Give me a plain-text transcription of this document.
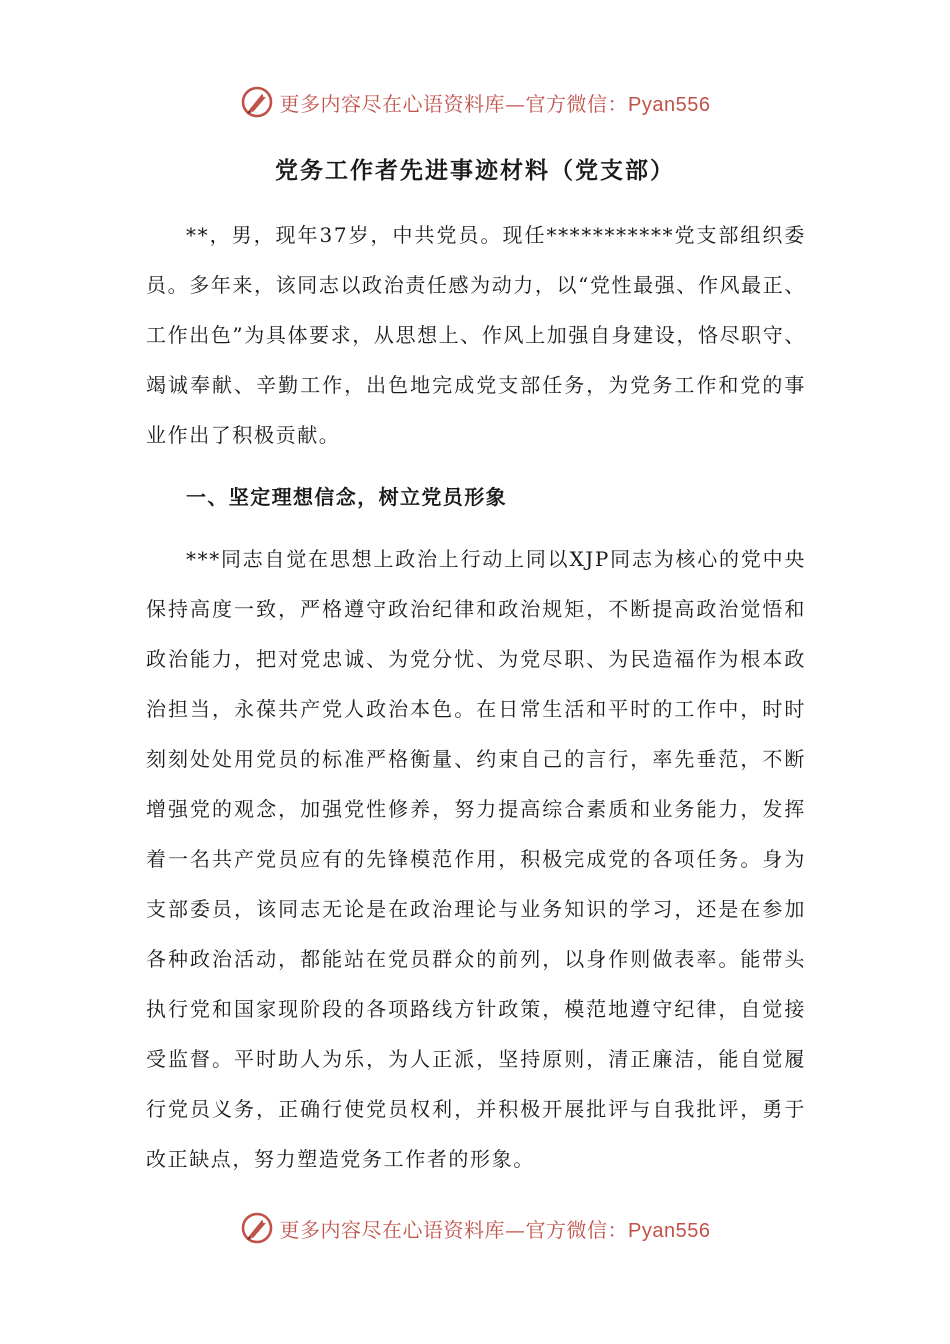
更多内容尽在心语资料库—官方微信：Pyan556
党务工作者先进事迹材料（党支部）

**，男，现年37岁，中共党员。现任***********党支部组织委员。多年来，该同志以政治责任感为动力，以“党性最强、作风最正、工作出色”为具体要求，从思想上、作风上加强自身建设，恪尽职守、竭诚奉献、辛勤工作，出色地完成党支部任务，为党务工作和党的事业作出了积极贡献。

一、坚定理想信念，树立党员形象

***同志自觉在思想上政治上行动上同以XJP同志为核心的党中央保持高度一致，严格遵守政治纪律和政治规矩，不断提高政治觉悟和政治能力，把对党忠诚、为党分忧、为党尽职、为民造福作为根本政治担当，永葆共产党人政治本色。在日常生活和平时的工作中，时时刻刻处处用党员的标准严格衡量、约束自己的言行，率先垂范，不断增强党的观念，加强党性修养，努力提高综合素质和业务能力，发挥着一名共产党员应有的先锋模范作用，积极完成党的各项任务。身为支部委员，该同志无论是在政治理论与业务知识的学习，还是在参加各种政治活动，都能站在党员群众的前列，以身作则做表率。能带头执行党和国家现阶段的各项路线方针政策，模范地遵守纪律，自觉接受监督。平时助人为乐，为人正派，坚持原则，清正廉洁，能自觉履行党员义务，正确行使党员权利，并积极开展批评与自我批评，勇于改正缺点，努力塑造党务工作者的形象。

更多内容尽在心语资料库—官方微信：Pyan556
